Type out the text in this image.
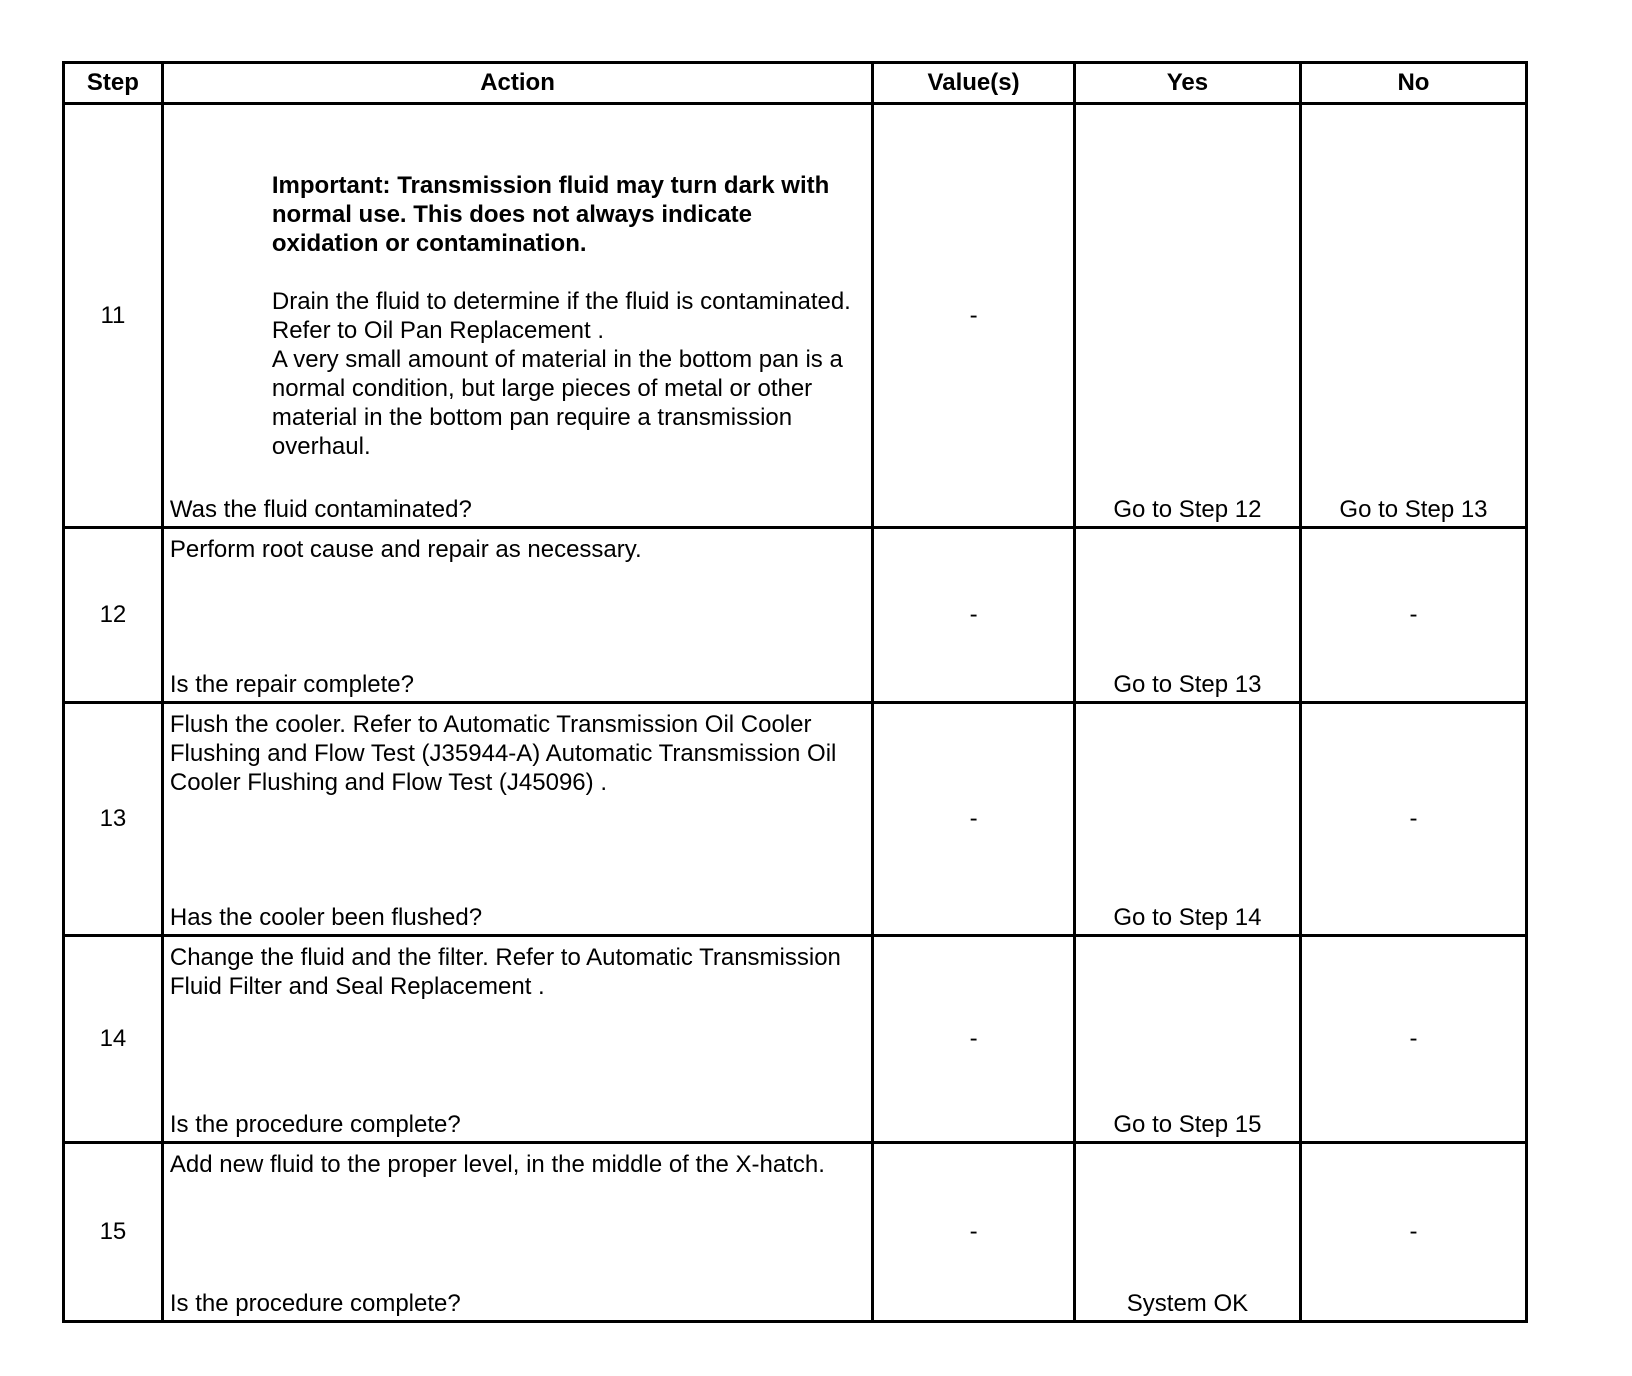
Step	Action	Value(s)	Yes	No
11	Important: Transmission fluid may turn dark with normal use. This does not always indicate oxidation or contamination.
Drain the fluid to determine if the fluid is contaminated. Refer to Oil Pan Replacement .
A very small amount of material in the bottom pan is a normal condition, but large pieces of metal or other material in the bottom pan require a transmission overhaul.
Was the fluid contaminated?	-	Go to Step 12	Go to Step 13

12	Perform root cause and repair as necessary.
Is the repair complete?	-	Go to Step 13	-
13	Flush the cooler. Refer to Automatic Transmission Oil Cooler Flushing and Flow Test (J35944-A) Automatic Transmission Oil Cooler Flushing and Flow Test (J45096) .
Has the cooler been flushed?	-	Go to Step 14	-
14	Change the fluid and the filter. Refer to Automatic Transmission Fluid Filter and Seal Replacement .
Is the procedure complete?	-	Go to Step 15	-
15	Add new fluid to the proper level, in the middle of the X-hatch.
Is the procedure complete?	-	System OK	-
